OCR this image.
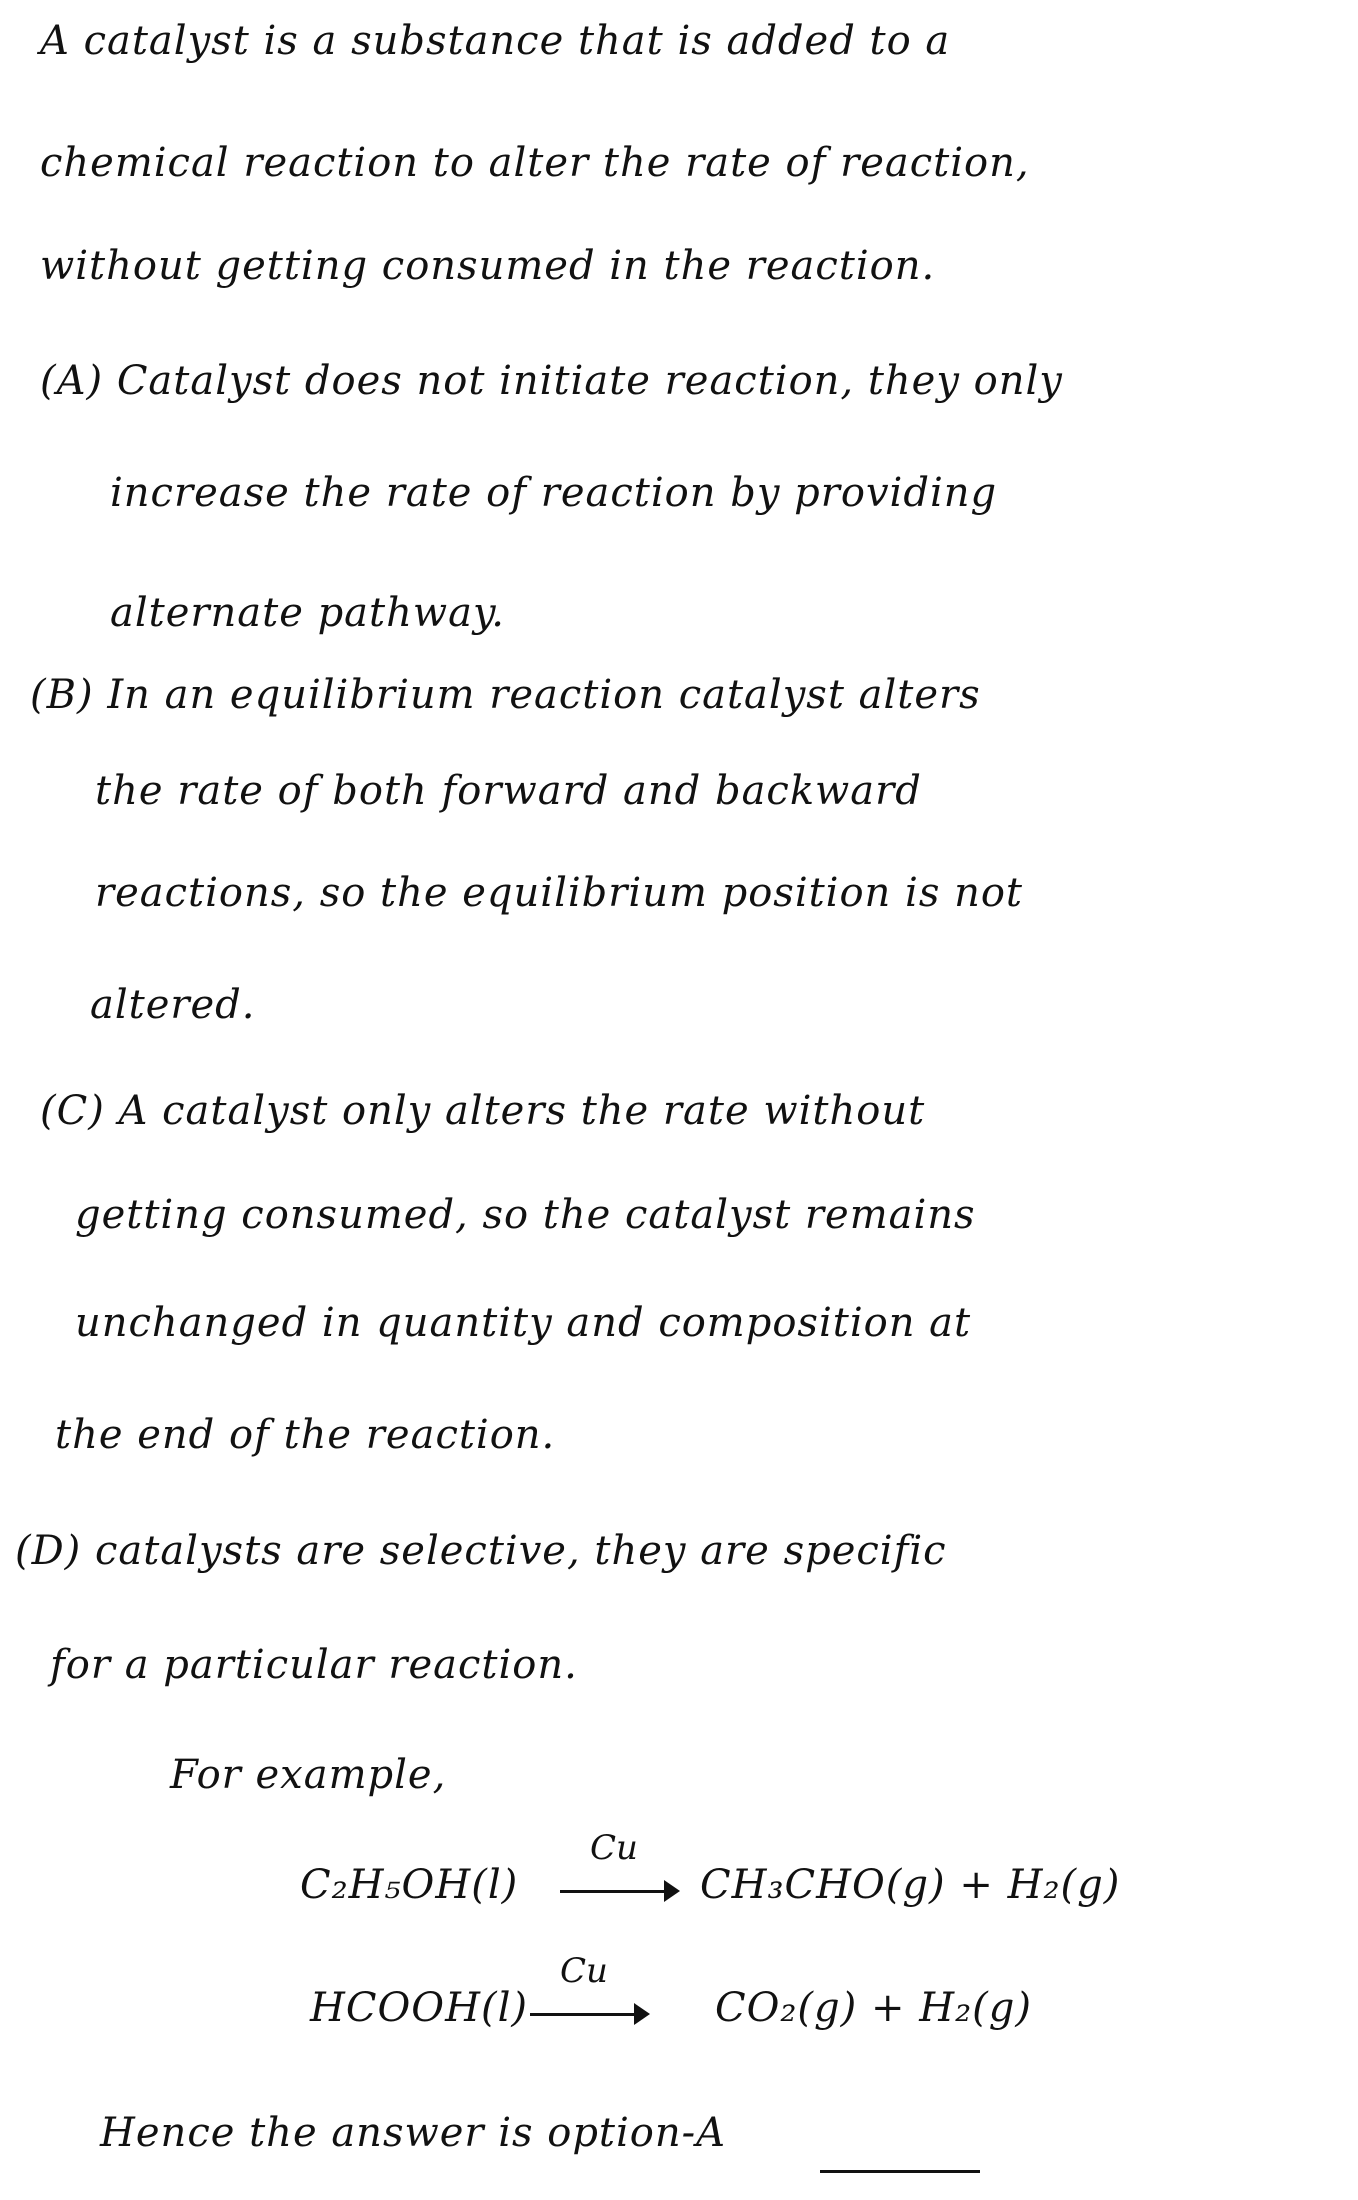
A catalyst is a substance that is added to a
chemical reaction to alter the rate of reaction,
without getting consumed in the reaction.
(A) Catalyst does not initiate reaction, they only
increase the rate of reaction by providing
alternate pathway.
(B) In an equilibrium reaction catalyst alters
the rate of both forward and backward
reactions, so the equilibrium position is not
altered.
(C) A catalyst only alters the rate without
getting consumed, so the catalyst remains
unchanged in quantity and composition at
the end of the reaction.
(D) catalysts are selective, they are specific
for a particular reaction.
For example,
C₂H₅OH(l)
Cu
CH₃CHO(g) + H₂(g)
HCOOH(l)
Cu
CO₂(g) + H₂(g)
Hence the answer is option-A
